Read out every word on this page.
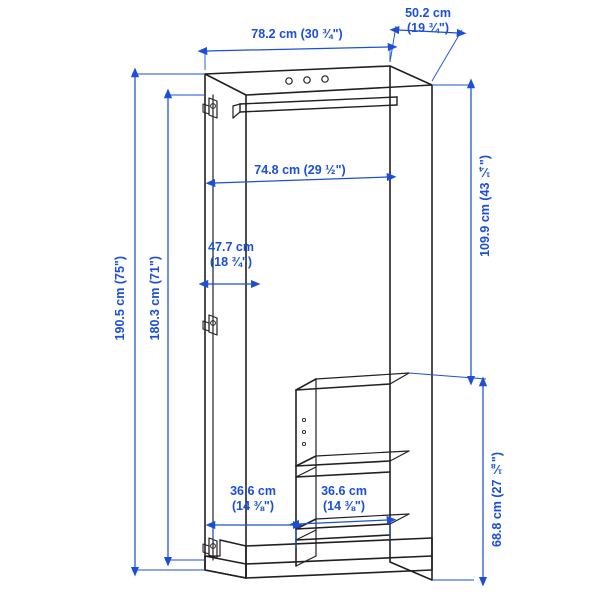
78.2 cm (30 ¾")
50.2 cm
(19 ¾")
74.8 cm (29 ½")
47.7 cm
(18 ¾")
36.6 cm
(14 ⅜")
36.6 cm
(14 ⅜")
190.5 cm (75") 180.3 cm (71")
109.9 cm (43 ¼")
68.8 cm (27 ⅛")
